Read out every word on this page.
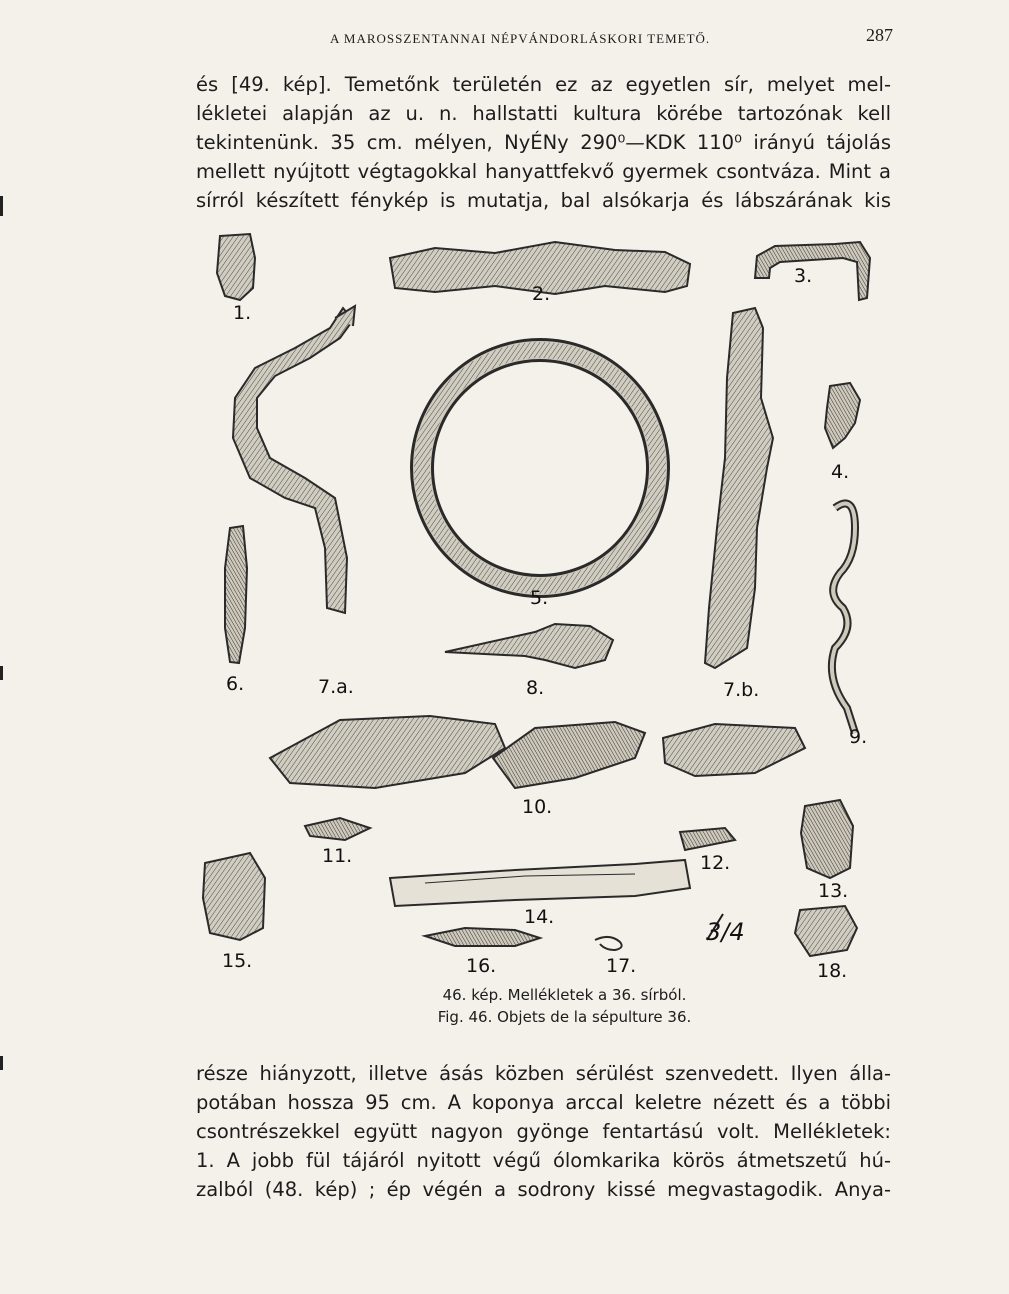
A MAROSSZENTANNAI NÉPVÁNDORLÁSKORI TEMETŐ.	287
és [49. kép]. Temetőnk területén ez az egyetlen sír, melyet mel-
lékletei alapján az u. n. hallstatti kultura körébe tartozónak kell
tekintenünk. 35 cm. mélyen, NyÉNy 290⁰—KDK 110⁰ irányú tájolás
mellett nyújtott végtagokkal hanyattfekvő gyermek csontváza. Mint a
sírról készített fénykép is mutatja, bal alsókarja és lábszárának kis
1.
2.
3.
4.
5.
6.	7.a.	8.	7.b.
9.
10.
11.	12.
13.
14.
15.	16.	17.	18.
3/4
46. kép. Mellékletek a 36. sírból.
Fig. 46. Objets de la sépulture 36.
része hiányzott, illetve ásás közben sérülést szenvedett. Ilyen álla-
potában hossza 95 cm. A koponya arccal keletre nézett és a többi
csontrészekkel együtt nagyon gyönge fentartású volt. Mellékletek:
1. A jobb fül tájáról nyitott végű ólomkarika körös átmetszetű hú-
zalból (48. kép) ; ép végén a sodrony kissé megvastagodik. Anya-
